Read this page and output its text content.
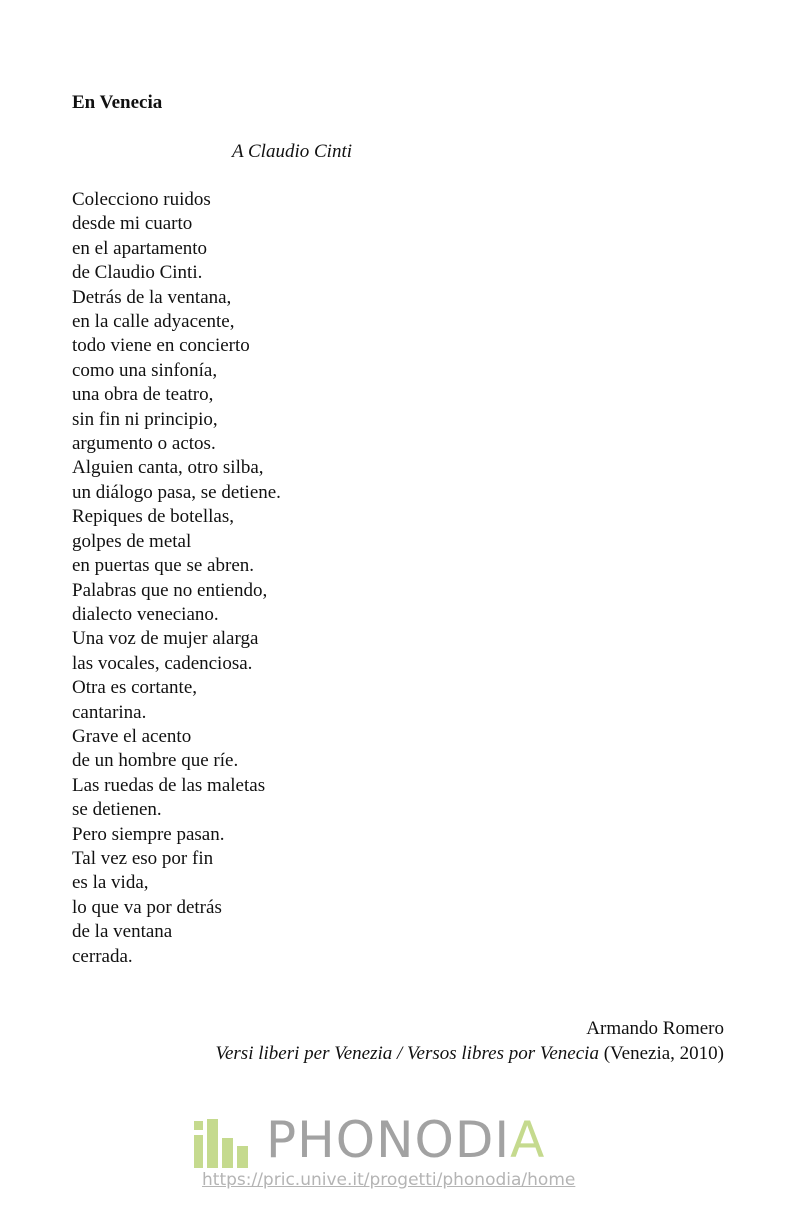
En Venecia

A Claudio Cinti

Colecciono ruidos
desde mi cuarto
en el apartamento
de Claudio Cinti.
Detrás de la ventana,
en la calle adyacente,
todo viene en concierto
como una sinfonía,
una obra de teatro,
sin fin ni principio,
argumento o actos.
Alguien canta, otro silba,
un diálogo pasa, se detiene.
Repiques de botellas,
golpes de metal
en puertas que se abren.
Palabras que no entiendo,
dialecto veneciano.
Una voz de mujer alarga
las vocales, cadenciosa.
Otra es cortante,
cantarina.
Grave el acento
de un hombre que ríe.
Las ruedas de las maletas
se detienen.
Pero siempre pasan.
Tal vez eso por fin
es la vida,
lo que va por detrás
de la ventana
cerrada.
Armando Romero
Versi liberi per Venezia / Versos libres por Venecia (Venezia, 2010)
PHONODIA
https://pric.unive.it/progetti/phonodia/home
